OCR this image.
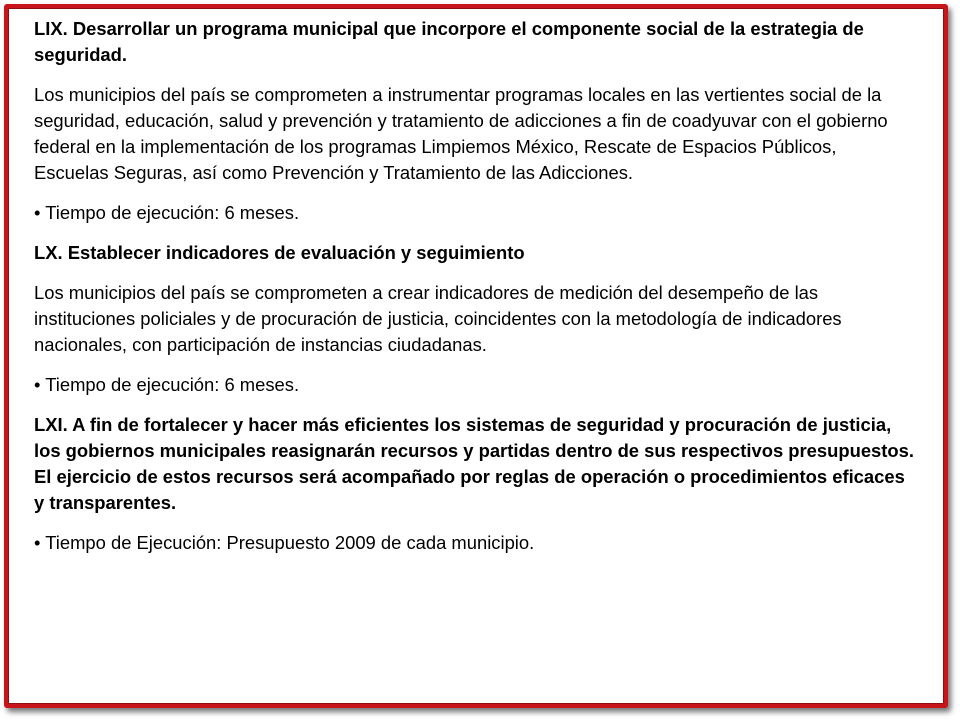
LIX. Desarrollar un programa municipal que incorpore el componente social de la estrategia de seguridad.

Los municipios del país se comprometen a instrumentar programas locales en las vertientes social de la seguridad, educación, salud y prevención y tratamiento de adicciones a fin de coadyuvar con el gobierno federal en la implementación de los programas Limpiemos México, Rescate de Espacios Públicos, Escuelas Seguras, así como Prevención y Tratamiento de las Adicciones.

• Tiempo de ejecución: 6 meses.

LX. Establecer indicadores de evaluación y seguimiento

Los municipios del país se comprometen a crear indicadores de medición del desempeño de las instituciones policiales y de procuración de justicia, coincidentes con la metodología de indicadores nacionales, con participación de instancias ciudadanas.

• Tiempo de ejecución: 6 meses.

LXI. A fin de fortalecer y hacer más eficientes los sistemas de seguridad y procuración de justicia, los gobiernos municipales reasignarán recursos y partidas dentro de sus respectivos presupuestos. El ejercicio de estos recursos será acompañado por reglas de operación o procedimientos eficaces y transparentes.

• Tiempo de Ejecución: Presupuesto 2009 de cada municipio.
